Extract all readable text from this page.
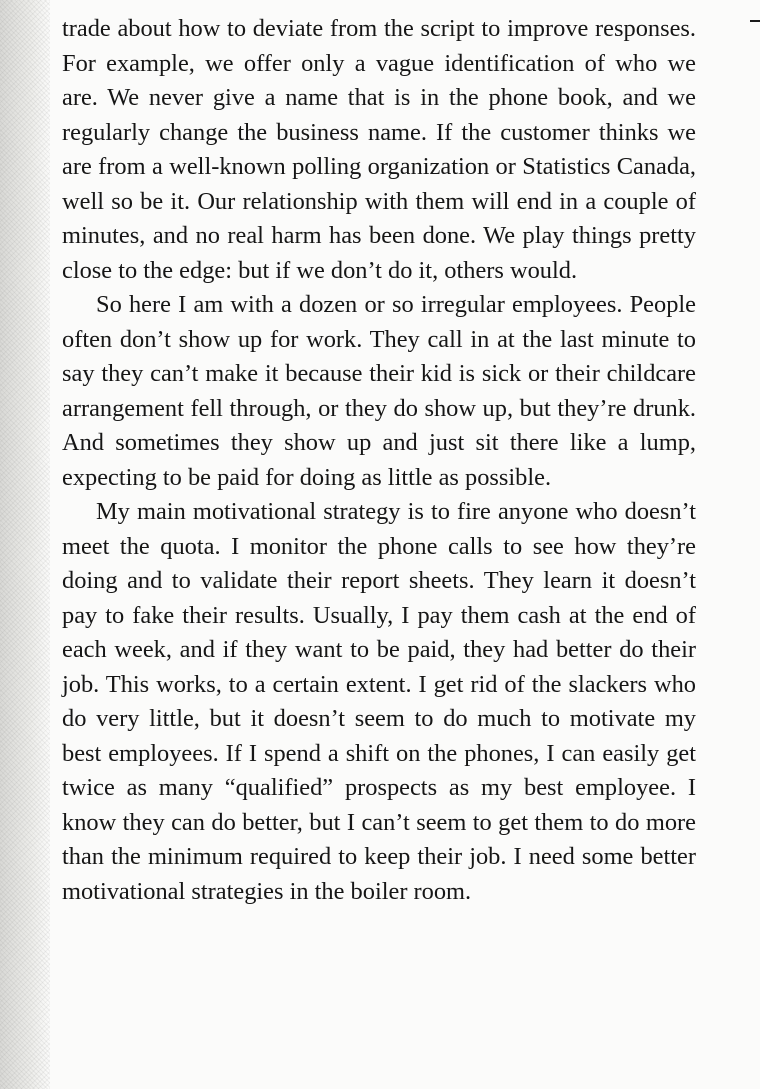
trade about how to deviate from the script to improve responses. For example, we offer only a vague identification of who we are. We never give a name that is in the phone book, and we regularly change the business name. If the customer thinks we are from a well-known polling organization or Statistics Canada, well so be it. Our relationship with them will end in a couple of minutes, and no real harm has been done. We play things pretty close to the edge: but if we don’t do it, others would.

So here I am with a dozen or so irregular employees. People often don’t show up for work. They call in at the last minute to say they can’t make it because their kid is sick or their childcare arrangement fell through, or they do show up, but they’re drunk. And sometimes they show up and just sit there like a lump, expecting to be paid for doing as little as possible.

My main motivational strategy is to fire anyone who doesn’t meet the quota. I monitor the phone calls to see how they’re doing and to validate their report sheets. They learn it doesn’t pay to fake their results. Usually, I pay them cash at the end of each week, and if they want to be paid, they had better do their job. This works, to a certain extent. I get rid of the slackers who do very little, but it doesn’t seem to do much to motivate my best employees. If I spend a shift on the phones, I can easily get twice as many “qualified” prospects as my best employee. I know they can do better, but I can’t seem to get them to do more than the minimum required to keep their job. I need some better motivational strategies in the boiler room.
